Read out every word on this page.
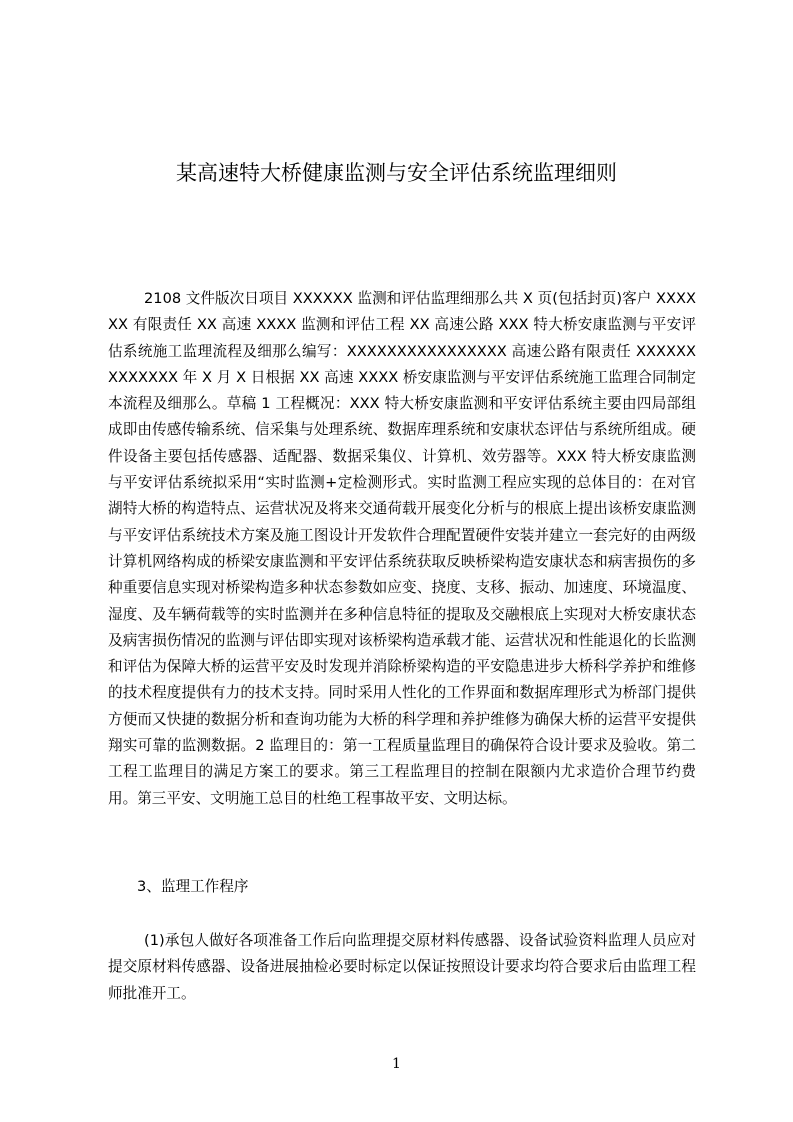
某高速特大桥健康监测与安全评估系统监理细则

2108 文件版次日项目 XXXXXX 监测和评估监理细那么共 X 页(包括封页)客户 XXXXXX 有限责任 XX 高速 XXXX 监测和评估工程 XX 高速公路 XXX 特大桥安康监测与平安评估系统施工监理流程及细那么编写：XXXXXXXXXXXXXXXX 高速公路有限责任 XXXXXXXXXXXXX 年 X 月 X 日根据 XX 高速 XXXX 桥安康监测与平安评估系统施工监理合同制定本流程及细那么。草稿 1 工程概况：XXX 特大桥安康监测和平安评估系统主要由四局部组成即由传感传输系统、信采集与处理系统、数据库理系统和安康状态评估与系统所组成。硬件设备主要包括传感器、适配器、数据采集仪、计算机、效劳器等。XXX 特大桥安康监测与平安评估系统拟采用“实时监测+定检测形式。实时监测工程应实现的总体目的：在对官湖特大桥的构造特点、运营状况及将来交通荷载开展变化分析与的根底上提出该桥安康监测与平安评估系统技术方案及施工图设计开发软件合理配置硬件安装并建立一套完好的由两级计算机网络构成的桥梁安康监测和平安评估系统获取反映桥梁构造安康状态和病害损伤的多种重要信息实现对桥梁构造多种状态参数如应变、挠度、支移、振动、加速度、环境温度、湿度、及车辆荷载等的实时监测并在多种信息特征的提取及交融根底上实现对大桥安康状态及病害损伤情况的监测与评估即实现对该桥梁构造承载才能、运营状况和性能退化的长监测和评估为保障大桥的运营平安及时发现并消除桥梁构造的平安隐患进步大桥科学养护和维修的技术程度提供有力的技术支持。同时采用人性化的工作界面和数据库理形式为桥部门提供方便而又快捷的数据分析和查询功能为大桥的科学理和养护维修为确保大桥的运营平安提供翔实可靠的监测数据。2 监理目的：第一工程质量监理目的确保符合设计要求及验收。第二工程工监理目的满足方案工的要求。第三工程监理目的控制在限额内尤求造价合理节约费用。第三平安、文明施工总目的杜绝工程事故平安、文明达标。

3、监理工作程序

(1)承包人做好各项准备工作后向监理提交原材料传感器、设备试验资料监理人员应对提交原材料传感器、设备进展抽检必要时标定以保证按照设计要求均符合要求后由监理工程师批准开工。

1
